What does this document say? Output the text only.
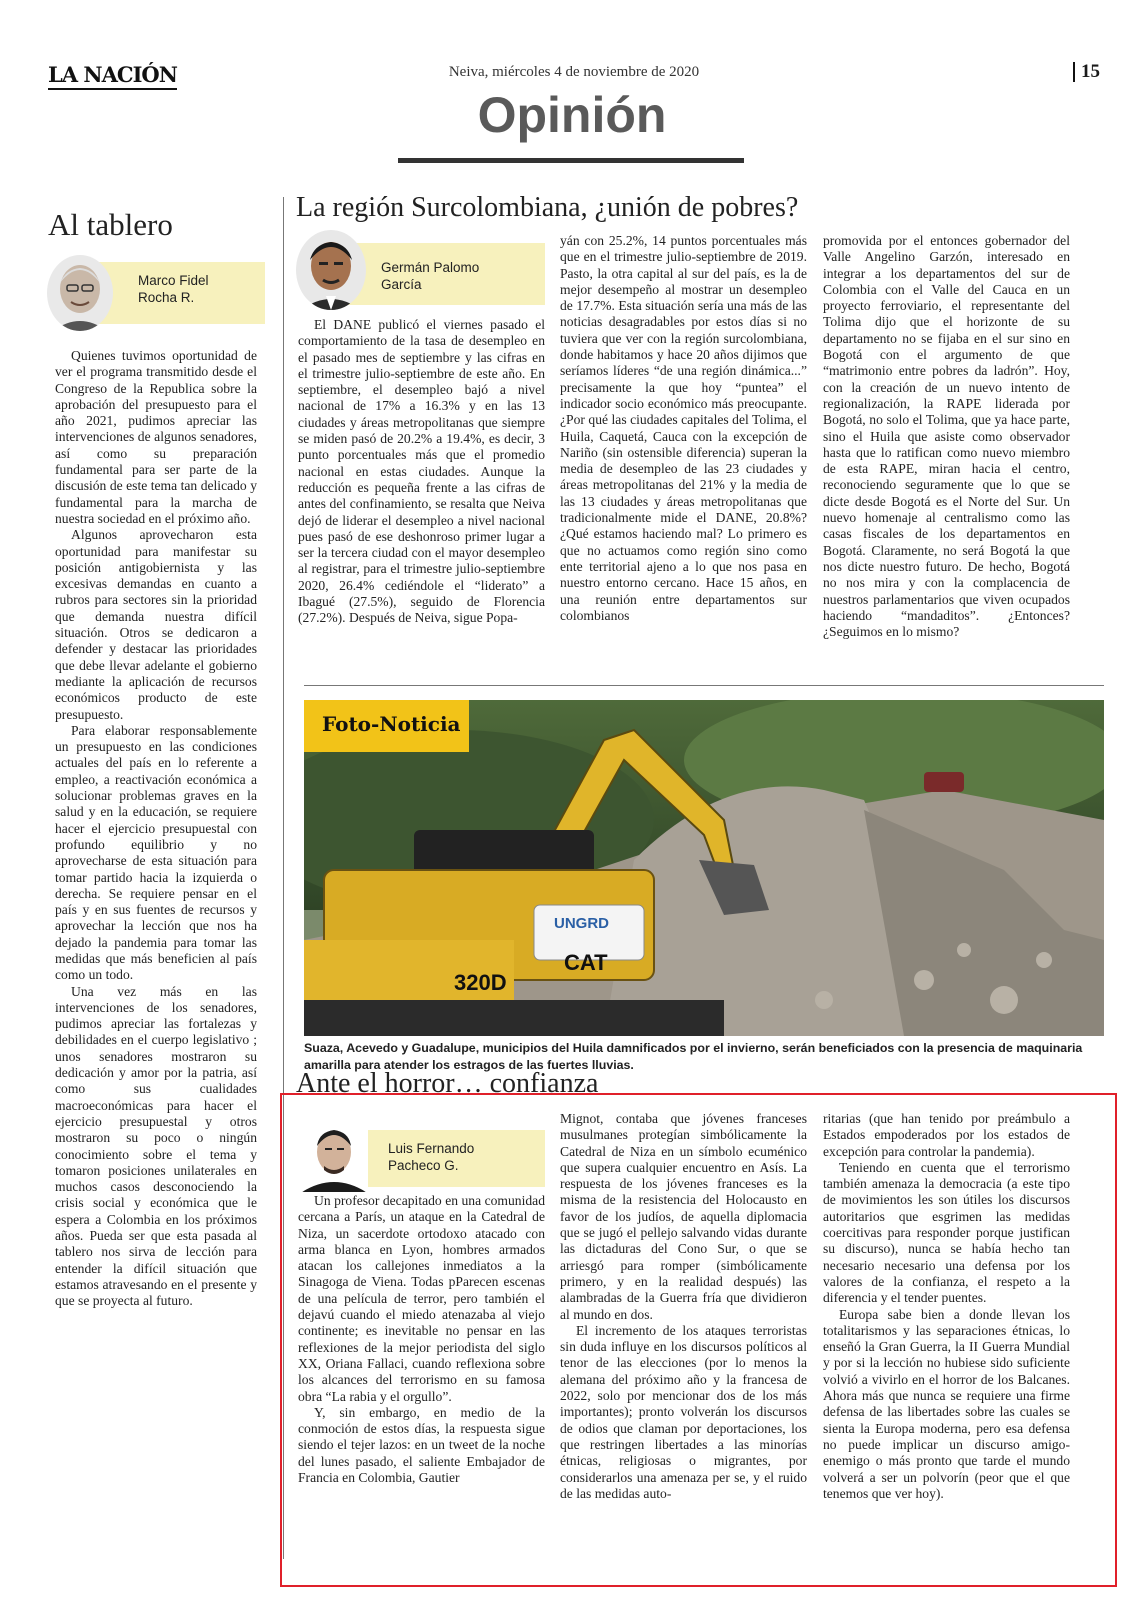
LA NACIÓN	Neiva, miércoles 4 de noviembre de 2020	15
Opinión
Al tablero
Marco Fidel
Rocha R.

Quienes tuvimos oportunidad de ver el programa transmitido desde el Congreso de la Republica sobre la aprobación del presupuesto para el año 2021, pudimos apreciar las intervenciones de algunos senadores, así como su preparación fundamental para ser parte de la discusión de este tema tan delicado y fundamental para la marcha de nuestra sociedad en el próximo año.

Algunos aprovecharon esta oportunidad para manifestar su posición antigobiernista y las excesivas demandas en cuanto a rubros para sectores sin la prioridad que demanda nuestra difícil situación. Otros se dedicaron a defender y destacar las prioridades que debe llevar adelante el gobierno mediante la aplicación de recursos económicos producto de este presupuesto.

Para elaborar responsablemente un presupuesto en las condiciones actuales del país en lo referente a empleo, a reactivación económica a solucionar problemas graves en la salud y en la educación, se requiere hacer el ejercicio presupuestal con profundo equilibrio y no aprovecharse de esta situación para tomar partido hacia la izquierda o derecha. Se requiere pensar en el país y en sus fuentes de recursos y aprovechar la lección que nos ha dejado la pandemia para tomar las medidas que más beneficien al país como un todo.

Una vez más en las intervenciones de los senadores, pudimos apreciar las fortalezas y debilidades en el cuerpo legislativo ; unos senadores mostraron su dedicación y amor por la patria, así como sus cualidades macroeconómicas para hacer el ejercicio presupuestal y otros mostraron su poco o ningún conocimiento sobre el tema y tomaron posiciones unilaterales en muchos casos desconociendo la crisis social y económica que le espera a Colombia en los próximos años. Pueda ser que esta pasada al tablero nos sirva de lección para entender la difícil situación que estamos atravesando en el presente y que se proyecta al futuro.

La región Surcolombiana, ¿unión de pobres?
Germán Palomo
García

El DANE publicó el viernes pasado el comportamiento de la tasa de desempleo en el pasado mes de septiembre y las cifras en el trimestre julio-septiembre de este año. En septiembre, el desempleo bajó a nivel nacional de 17% a 16.3% y en las 13 ciudades y áreas metropolitanas que siempre se miden pasó de 20.2% a 19.4%, es decir, 3 punto porcentuales más que el promedio nacional en estas ciudades. Aunque la reducción es pequeña frente a las cifras de antes del confinamiento, se resalta que Neiva dejó de liderar el desempleo a nivel nacional pues pasó de ese deshonroso primer lugar a ser la tercera ciudad con el mayor desempleo al registrar, para el trimestre julio-septiembre 2020, 26.4% cediéndole el “liderato” a Ibagué (27.5%), seguido de Florencia (27.2%). Después de Neiva, sigue Popa-

yán con 25.2%, 14 puntos porcentuales más que en el trimestre julio-septiembre de 2019. Pasto, la otra capital al sur del país, es la de mejor desempeño al mostrar un desempleo de 17.7%. Esta situación sería una más de las noticias desagradables por estos días si no tuviera que ver con la región surcolombiana, donde habitamos y hace 20 años dijimos que seríamos líderes “de una región dinámica...” precisamente la que hoy “puntea” el indicador socio económico más preocupante. ¿Por qué las ciudades capitales del Tolima, el Huila, Caquetá, Cauca con la excepción de Nariño (sin ostensible diferencia) superan la media de desempleo de las 23 ciudades y áreas metropolitanas del 21% y la media de las 13 ciudades y áreas metropolitanas que tradicionalmente mide el DANE, 20.8%? ¿Qué estamos haciendo mal? Lo primero es que no actuamos como región sino como ente territorial ajeno a lo que nos pasa en nuestro entorno cercano. Hace 15 años, en una reunión entre departamentos sur colombianos

promovida por el entonces gobernador del Valle Angelino Garzón, interesado en integrar a los departamentos del sur de Colombia con el Valle del Cauca en un proyecto ferroviario, el representante del Tolima dijo que el horizonte de su departamento no se fijaba en el sur sino en Bogotá con el argumento de que “matrimonio entre pobres da ladrón”. Hoy, con la creación de un nuevo intento de regionalización, la RAPE liderada por Bogotá, no solo el Tolima, que ya hace parte, sino el Huila que asiste como observador hasta que lo ratifican como nuevo miembro de esta RAPE, miran hacia el centro, reconociendo seguramente que lo que se dicte desde Bogotá es el Norte del Sur. Un nuevo homenaje al centralismo como las casas fiscales de los departamentos en Bogotá. Claramente, no será Bogotá la que nos dicte nuestro futuro. De hecho, Bogotá no nos mira y con la complacencia de nuestros parlamentarios que viven ocupados haciendo “mandaditos”. ¿Entonces? ¿Seguimos en lo mismo?

UNGRD
CAT
320D
Foto-Noticia
Suaza, Acevedo y Guadalupe, municipios del Huila damnificados por el invierno, serán beneficiados con la presencia de maquinaria amarilla para atender los estragos de las fuertes lluvias.
Ante el horror… confianza
Luis Fernando
Pacheco G.

Un profesor decapitado en una comunidad cercana a París, un ataque en la Catedral de Niza, un sacerdote ortodoxo atacado con arma blanca en Lyon, hombres armados atacan los callejones inmediatos a la Sinagoga de Viena. Todas pParecen escenas de una película de terror, pero también el dejavú cuando el miedo atenazaba al viejo continente; es inevitable no pensar en las reflexiones de la mejor periodista del siglo XX, Oriana Fallaci, cuando reflexiona sobre los alcances del terrorismo en su famosa obra “La rabia y el orgullo”.

Y, sin embargo, en medio de la conmoción de estos días, la respuesta sigue siendo el tejer lazos: en un tweet de la noche del lunes pasado, el saliente Embajador de Francia en Colombia, Gautier

Mignot, contaba que jóvenes franceses musulmanes protegían simbólicamente la Catedral de Niza en un símbolo ecuménico que supera cualquier encuentro en Asís. La respuesta de los jóvenes franceses es la misma de la resistencia del Holocausto en favor de los judíos, de aquella diplomacia que se jugó el pellejo salvando vidas durante las dictaduras del Cono Sur, o que se arriesgó para romper (simbólicamente primero, y en la realidad después) las alambradas de la Guerra fría que dividieron al mundo en dos.

El incremento de los ataques terroristas sin duda influye en los discursos políticos al tenor de las elecciones (por lo menos la alemana del próximo año y la francesa de 2022, solo por mencionar dos de los más importantes); pronto volverán los discursos de odios que claman por deportaciones, los que restringen libertades a las minorías étnicas, religiosas o migrantes, por considerarlos una amenaza per se, y el ruido de las medidas auto-

ritarias (que han tenido por preámbulo a Estados empoderados por los estados de excepción para controlar la pandemia).

Teniendo en cuenta que el terrorismo también amenaza la democracia (a este tipo de movimientos les son útiles los discursos autoritarios que esgrimen las medidas coercitivas para responder porque justifican su discurso), nunca se había hecho tan necesario necesario una defensa por los valores de la confianza, el respeto a la diferencia y el tender puentes.

Europa sabe bien a donde llevan los totalitarismos y las separaciones étnicas, lo enseñó la Gran Guerra, la II Guerra Mundial y por si la lección no hubiese sido suficiente volvió a vivirlo en el horror de los Balcanes. Ahora más que nunca se requiere una firme defensa de las libertades sobre las cuales se sienta la Europa moderna, pero esa defensa no puede implicar un discurso amigo-enemigo o más pronto que tarde el mundo volverá a ser un polvorín (peor que el que tenemos que ver hoy).
